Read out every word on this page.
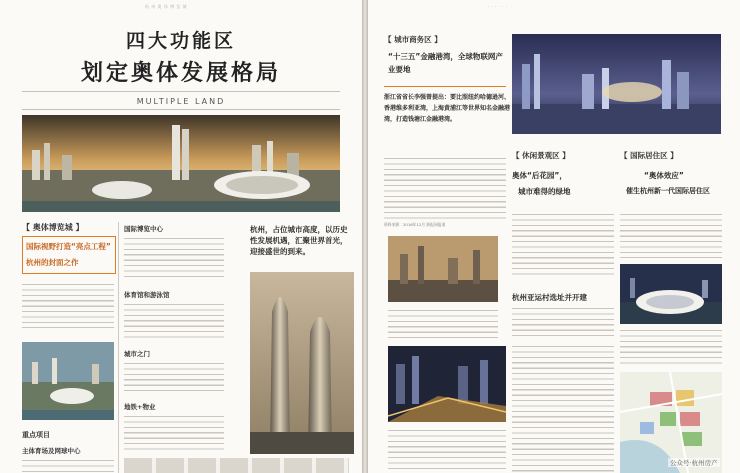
杭 州 奥 体 博 览 城
四大功能区
划定奥体发展格局
MULTIPLE LAND
【 奥体博览城 】
国际视野打造“亮点工程”
杭州的封面之作
重点项目
主体育场及网球中心
国际博览中心
体育馆和游泳馆
城市之门
地铁+物业
杭州，占位城市高度，以历史性发展机遇，汇聚世界首光，迎接盛世的到来。
· · · · · ·
【 城市商务区 】
“十三五”金融港湾，全球物联网产业要地
浙江省省长李强曾提出：要比照纽约哈德逊河、香港维多利亚湾，上海黄浦江等世界知名金融港湾，打造钱塘江金融港湾。
资料来源：2016年12月 浙报网报道
【 休闲景观区 】
奥体“后花园”，
城市难得的绿地
【 国际居住区 】
“奥体效应”
催生杭州新一代国际居住区
杭州亚运村选址并开建
公众号·杭州房产
